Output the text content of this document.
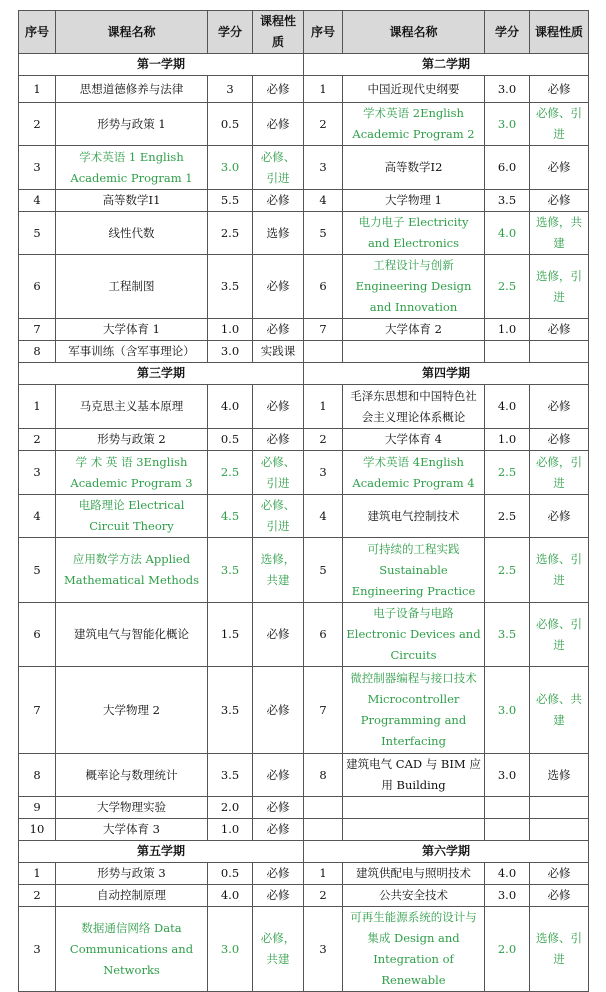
序号	课程名称	学分	课程性质	序号	课程名称	学分	课程性质
第一学期				第二学期			
1	思想道德修养与法律	3	必修	1	中国近现代史纲要	3.0	必修
2	形势与政策 1	0.5	必修	2	学术英语 2English Academic Program 2	3.0	必修、引进
3	学术英语 1 English Academic Program 1	3.0	必修、引进	3	高等数学Ⅰ2	6.0	必修
4	高等数学Ⅰ1	5.5	必修	4	大学物理 1	3.5	必修
5	线性代数	2.5	选修	5	电力电子 Electricity and Electronics	4.0	选修，共建
6	工程制图	3.5	必修	6	工程设计与创新 Engineering Design and Innovation	2.5	选修，引进
7	大学体育 1	1.0	必修	7	大学体育 2	1.0	必修
8	军事训练（含军事理论）	3.0	实践课				
第三学期				第四学期			
1	马克思主义基本原理	4.0	必修	1	毛泽东思想和中国特色社会主义理论体系概论	4.0	必修
2	形势与政策 2	0.5	必修	2	大学体育 4	1.0	必修
3	学 术 英 语 3English Academic Program 3	2.5	必修、引进	3	学术英语 4English Academic Program 4	2.5	必修，引进
4	电路理论 Electrical Circuit Theory	4.5	必修、引进	4	建筑电气控制技术	2.5	必修
5	应用数学方法 Applied Mathematical Methods	3.5	选修，共建	5	可持续的工程实践 Sustainable Engineering Practice	2.5	选修、引进
6	建筑电气与智能化概论	1.5	必修	6	电子设备与电路 Electronic Devices and Circuits	3.5	必修、引进
7	大学物理 2	3.5	必修	7	微控制器编程与接口技术 Microcontroller Programming and Interfacing	3.0	必修、共建
8	概率论与数理统计	3.5	必修	8	建筑电气 CAD 与 BIM 应用 Building	3.0	选修
9	大学物理实验	2.0	必修				
10	大学体育 3	1.0	必修				
第五学期				第六学期			
1	形势与政策 3	0.5	必修	1	建筑供配电与照明技术	4.0	必修
2	自动控制原理	4.0	必修	2	公共安全技术	3.0	必修
3	数据通信网络 Data Communications and Networks	3.0	必修，共建	3	可再生能源系统的设计与集成 Design and Integration of Renewable	2.0	选修、引进
